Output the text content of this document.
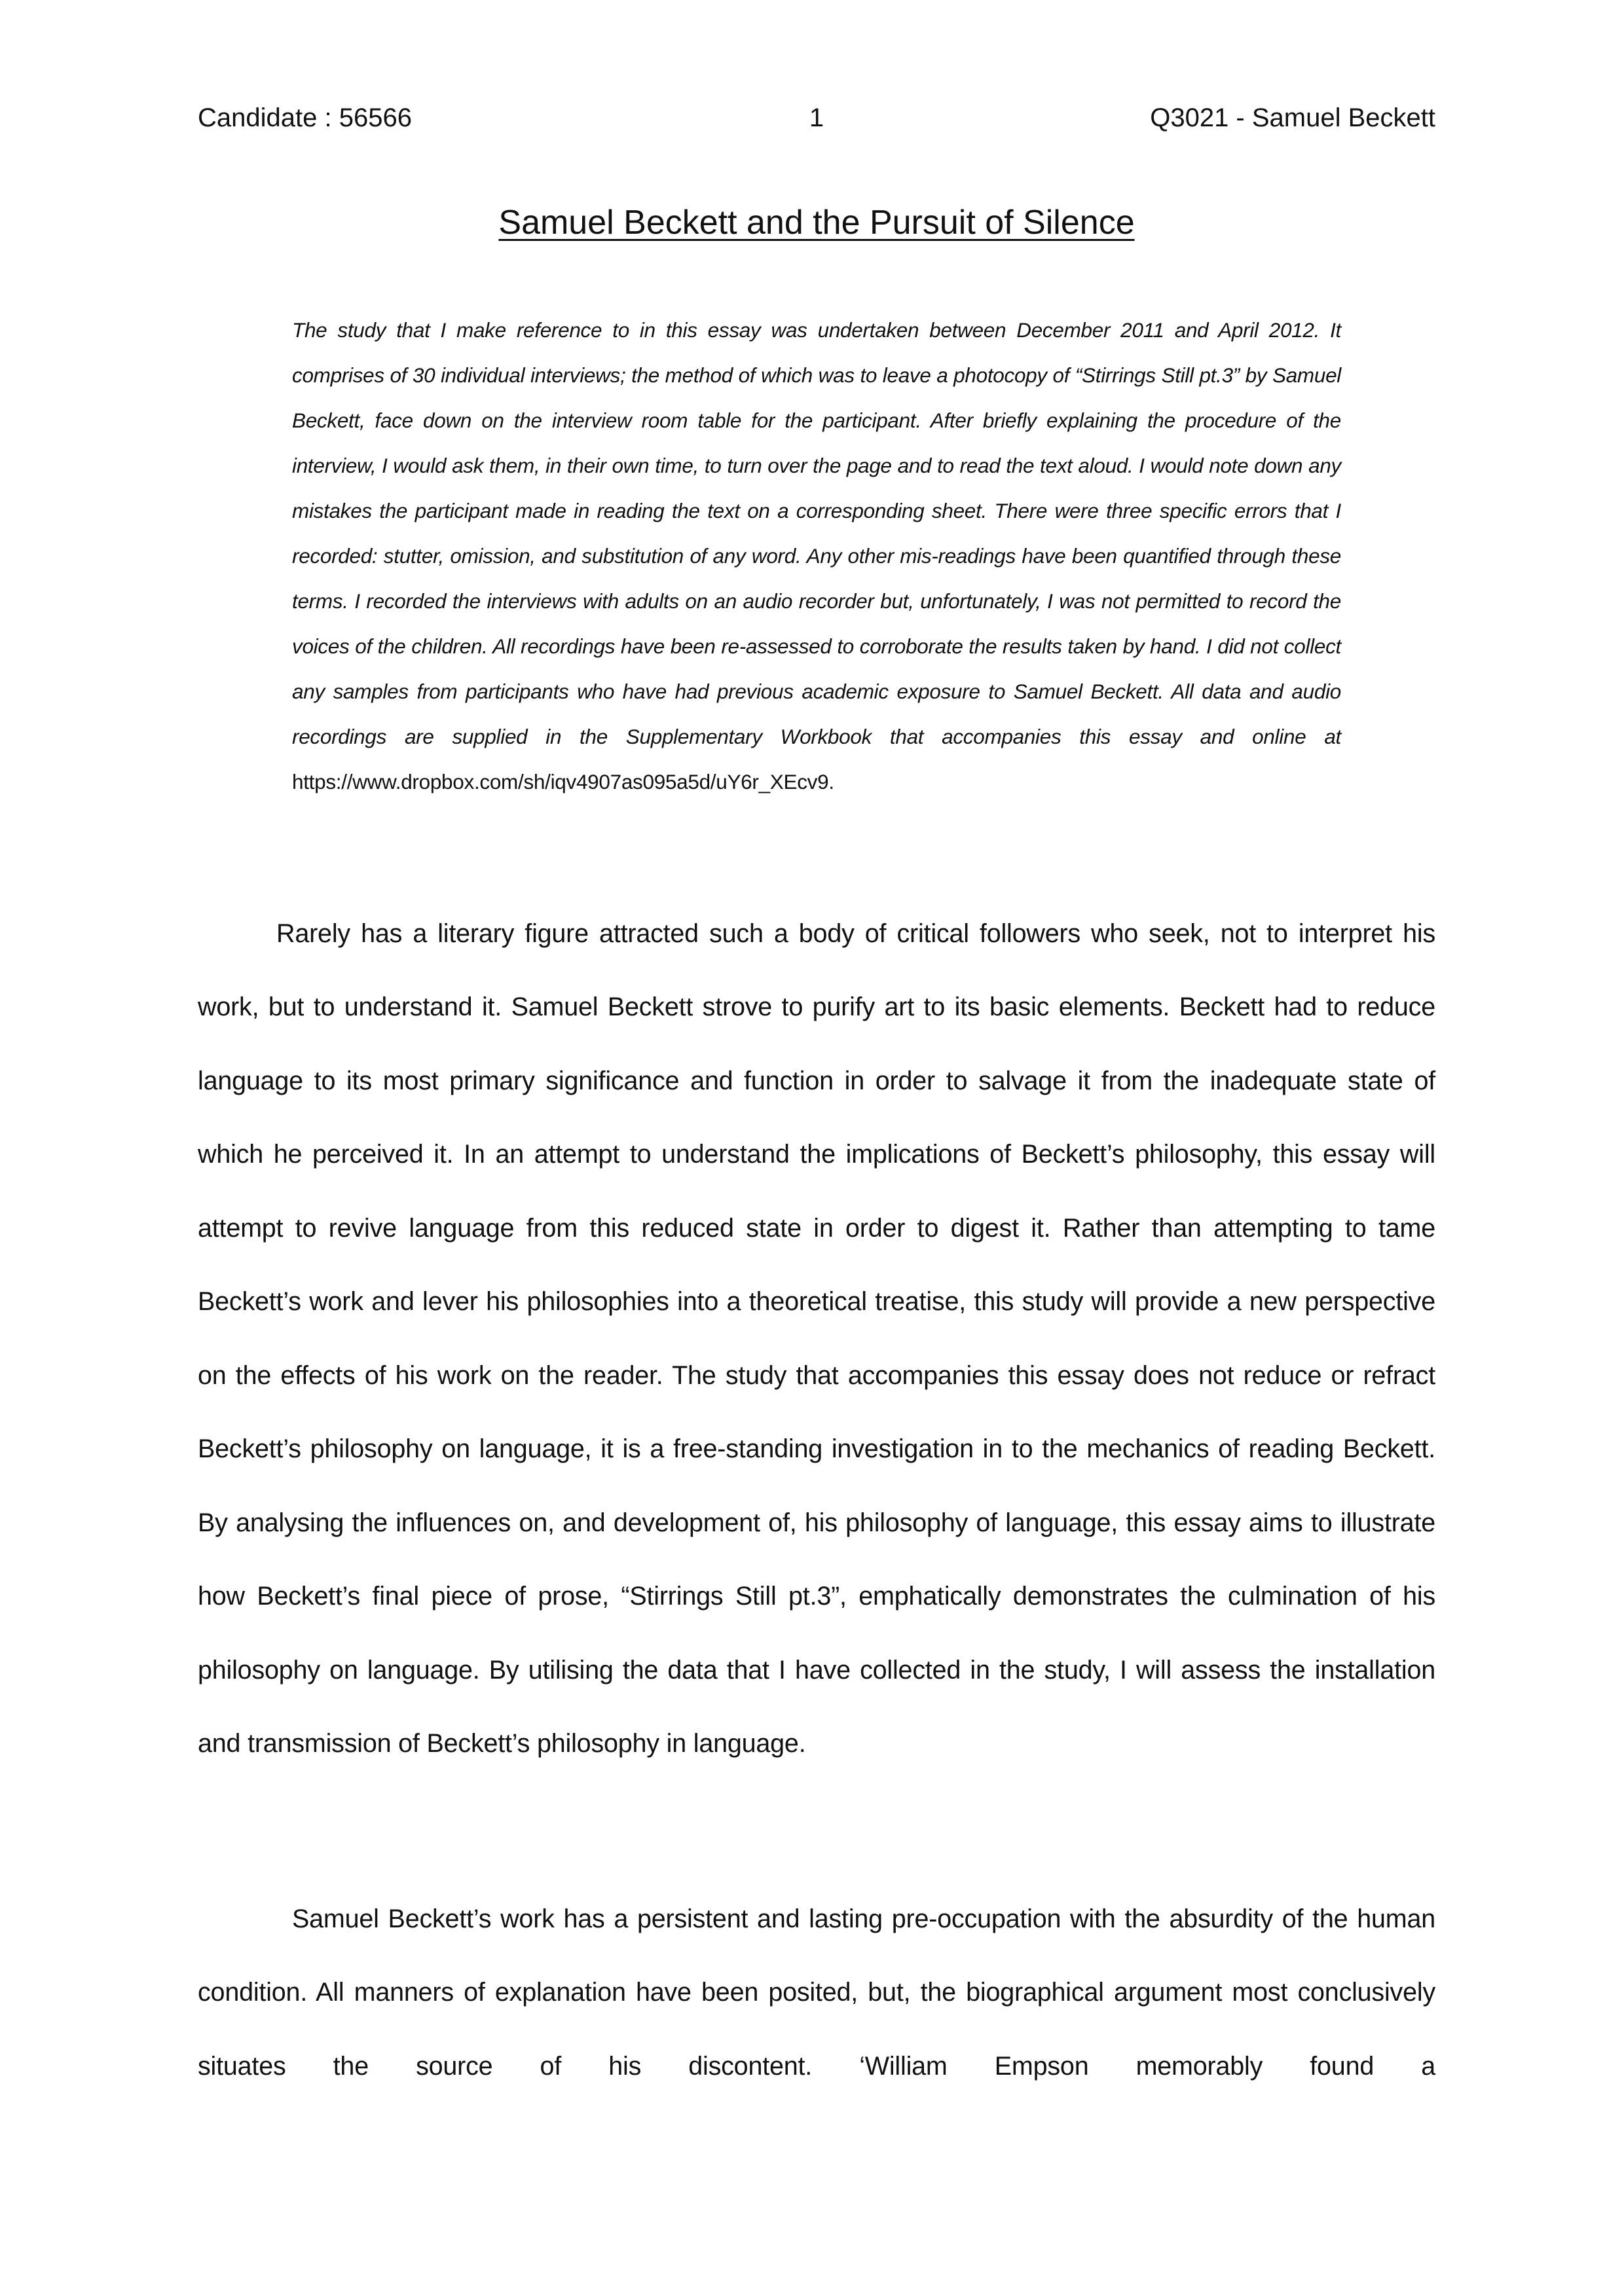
Candidate : 56566	1	Q3021 - Samuel Beckett
Samuel Beckett and the Pursuit of Silence
The study that I make reference to in this essay was undertaken between December 2011 and April 2012. It comprises of 30 individual interviews; the method of which was to leave a photocopy of “Stirrings Still pt.3” by Samuel Beckett, face down on the interview room table for the participant. After briefly explaining the procedure of the interview, I would ask them, in their own time, to turn over the page and to read the text aloud. I would note down any mistakes the participant made in reading the text on a corresponding sheet. There were three specific errors that I recorded: stutter, omission, and substitution of any word. Any other mis-readings have been quantified through these terms. I recorded the interviews with adults on an audio recorder but, unfortunately, I was not permitted to record the voices of the children. All recordings have been re-assessed to corroborate the results taken by hand. I did not collect any samples from participants who have had previous academic exposure to Samuel Beckett. All data and audio recordings are supplied in the Supplementary Workbook that accompanies this essay and online at https://www.dropbox.com/sh/iqv4907as095a5d/uY6r_XEcv9.

Rarely has a literary figure attracted such a body of critical followers who seek, not to interpret his work, but to understand it. Samuel Beckett strove to purify art to its basic elements. Beckett had to reduce language to its most primary significance and function in order to salvage it from the inadequate state of which he perceived it. In an attempt to understand the implications of Beckett’s philosophy, this essay will attempt to revive language from this reduced state in order to digest it. Rather than attempting to tame Beckett’s work and lever his philosophies into a theoretical treatise, this study will provide a new perspective on the effects of his work on the reader. The study that accompanies this essay does not reduce or refract Beckett’s philosophy on language, it is a free-standing investigation in to the mechanics of reading Beckett. By analysing the influences on, and development of, his philosophy of language, this essay aims to illustrate how Beckett’s final piece of prose, “Stirrings Still pt.3”, emphatically demonstrates the culmination of his philosophy on language. By utilising the data that I have collected in the study, I will assess the installation and transmission of Beckett’s philosophy in language.

Samuel Beckett’s work has a persistent and lasting pre-occupation with the absurdity of the human condition. All manners of explanation have been posited, but, the biographical argument most conclusively situates the source of his discontent. ‘William Empson memorably found a
